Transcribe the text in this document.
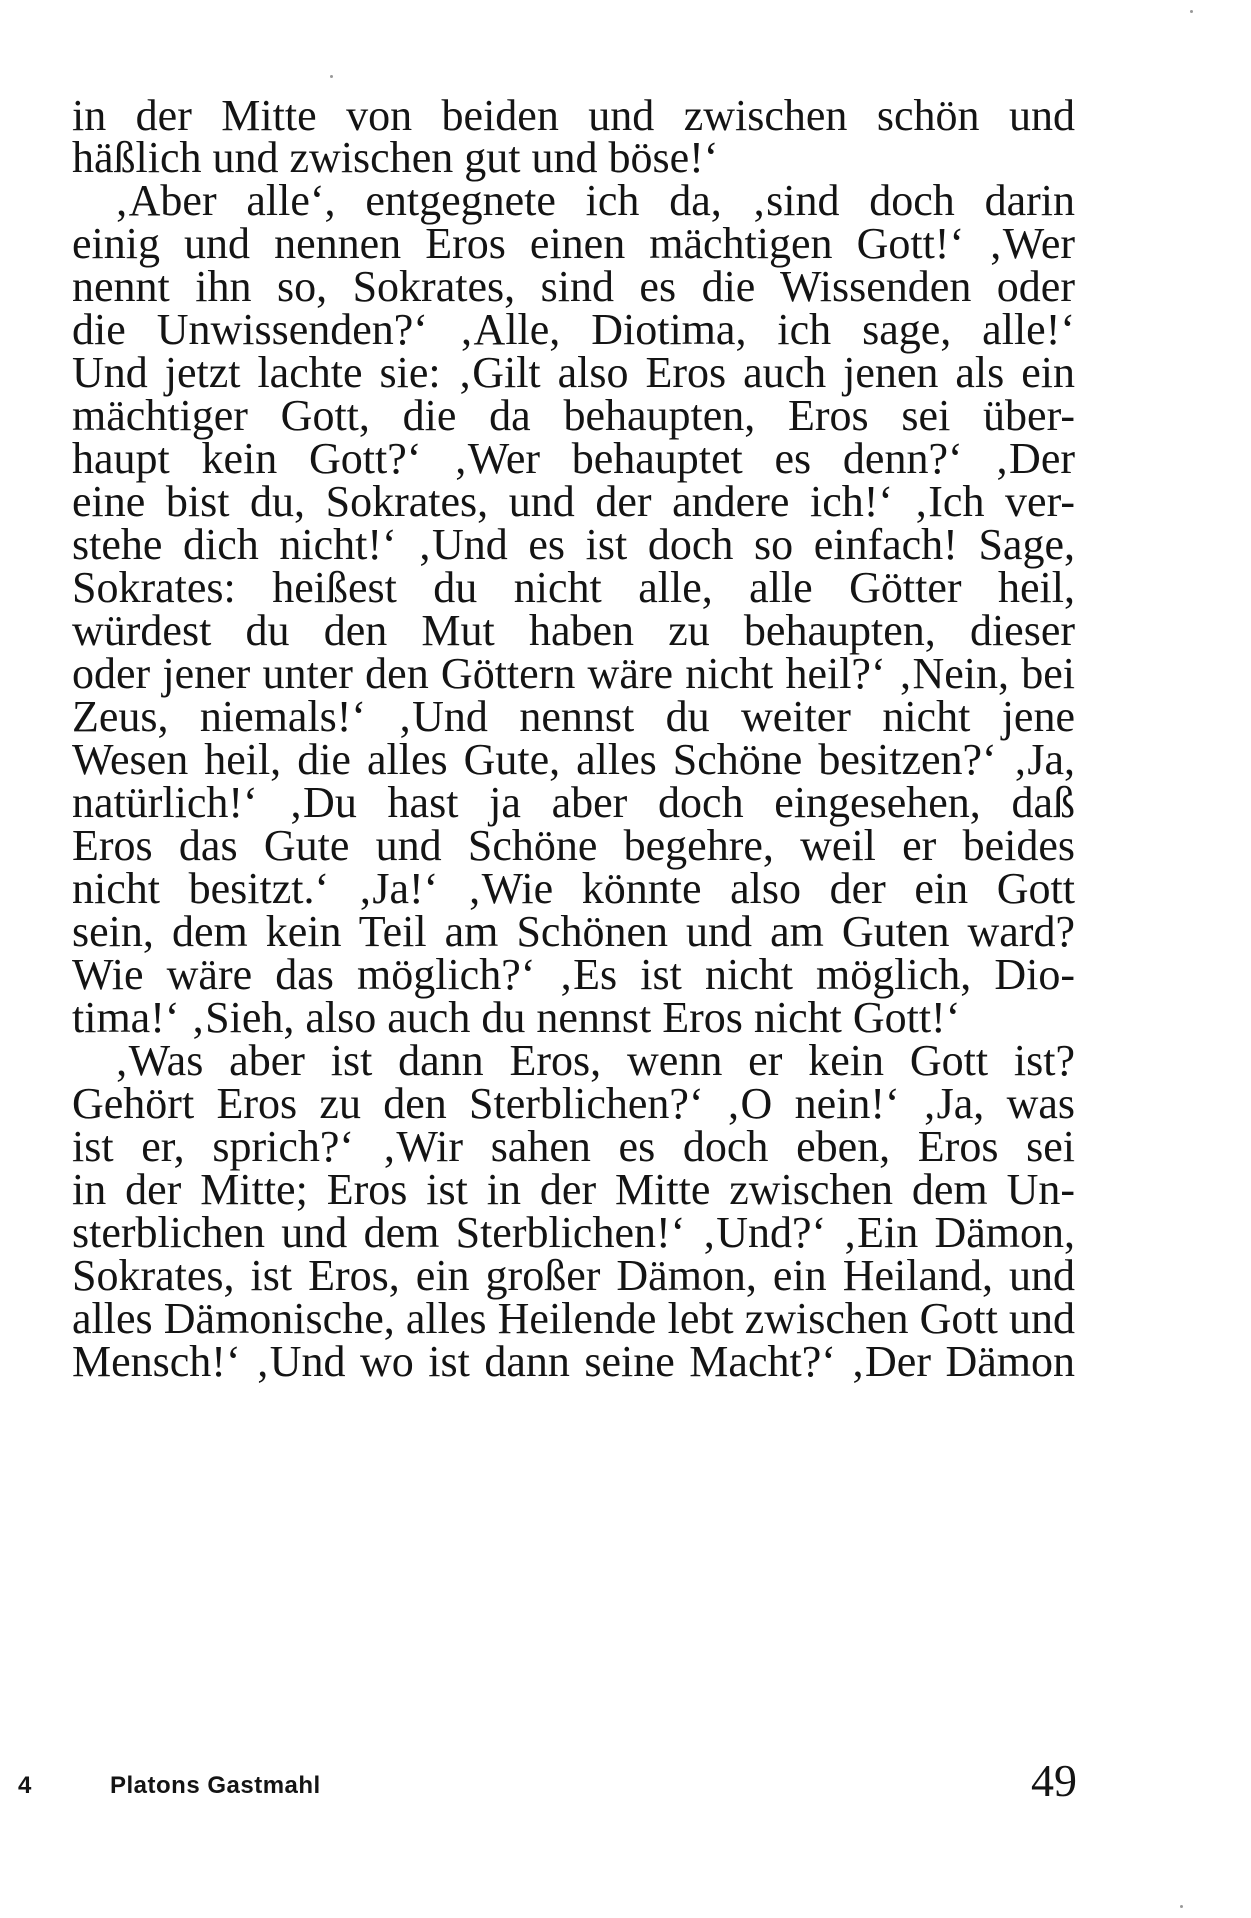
in der Mitte von beiden und zwischen schön und
häßlich und zwischen gut und böse!‘
‚Aber alle‘, entgegnete ich da, ‚sind doch darin
einig und nennen Eros einen mächtigen Gott!‘ ‚Wer
nennt ihn so, Sokrates, sind es die Wissenden oder
die Unwissenden?‘ ‚Alle, Diotima, ich sage, alle!‘
Und jetzt lachte sie: ‚Gilt also Eros auch jenen als ein
mächtiger Gott, die da behaupten, Eros sei über-
haupt kein Gott?‘ ‚Wer behauptet es denn?‘ ‚Der
eine bist du, Sokrates, und der andere ich!‘ ‚Ich ver-
stehe dich nicht!‘ ‚Und es ist doch so einfach! Sage,
Sokrates: heißest du nicht alle, alle Götter heil,
würdest du den Mut haben zu behaupten, dieser
oder jener unter den Göttern wäre nicht heil?‘ ‚Nein, bei
Zeus, niemals!‘ ‚Und nennst du weiter nicht jene
Wesen heil, die alles Gute, alles Schöne besitzen?‘ ‚Ja,
natürlich!‘ ‚Du hast ja aber doch eingesehen, daß
Eros das Gute und Schöne begehre, weil er beides
nicht besitzt.‘ ‚Ja!‘ ‚Wie könnte also der ein Gott
sein, dem kein Teil am Schönen und am Guten ward?
Wie wäre das möglich?‘ ‚Es ist nicht möglich, Dio-
tima!‘ ‚Sieh, also auch du nennst Eros nicht Gott!‘
‚Was aber ist dann Eros, wenn er kein Gott ist?
Gehört Eros zu den Sterblichen?‘ ‚O nein!‘ ‚Ja, was
ist er, sprich?‘ ‚Wir sahen es doch eben, Eros sei
in der Mitte; Eros ist in der Mitte zwischen dem Un-
sterblichen und dem Sterblichen!‘ ‚Und?‘ ‚Ein Dämon,
Sokrates, ist Eros, ein großer Dämon, ein Heiland, und
alles Dämonische, alles Heilende lebt zwischen Gott und
Mensch!‘ ‚Und wo ist dann seine Macht?‘ ‚Der Dämon
4	Platons Gastmahl	49
